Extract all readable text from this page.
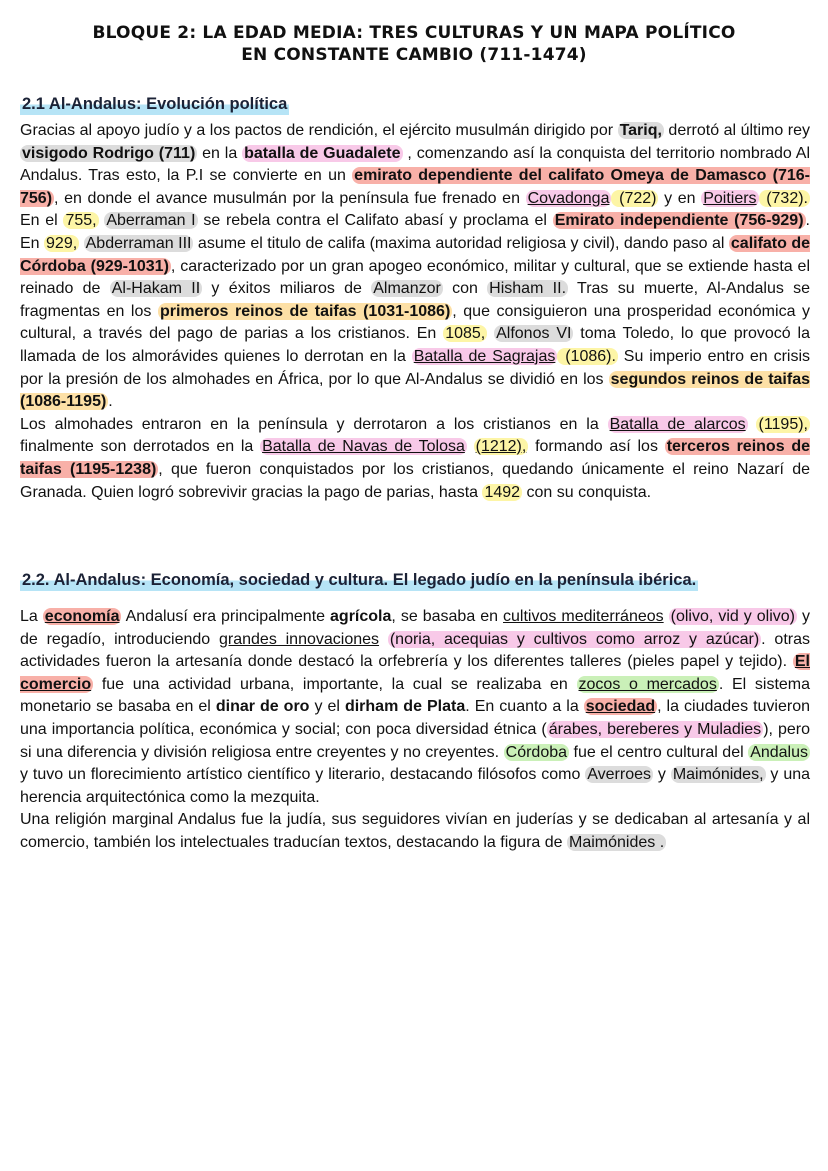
BLOQUE 2: LA EDAD MEDIA: TRES CULTURAS Y UN MAPA POLÍTICO
EN CONSTANTE CAMBIO (711-1474)
2.1 Al-Andalus: Evolución política

Gracias al apoyo judío y a los pactos de rendición, el ejército musulmán dirigido por Tariq, derrotó al último rey visigodo Rodrigo (711) en la batalla de Guadalete , comenzando así la conquista del territorio nombrado Al Andalus. Tras esto, la P.I se convierte en un emirato dependiente del califato Omeya de Damasco (716-756) , en donde el avance musulmán por la península fue frenado en Covadonga (722) y en Poitiers (732). En el 755, Aberraman I se rebela contra el Califato abasí y proclama el Emirato independiente (756-929) . En 929, Abderraman III asume el titulo de califa (maxima autoridad religiosa y civil), dando paso al califato de Córdoba (929-1031) , caracterizado por un gran apogeo económico, militar y cultural, que se extiende hasta el reinado de Al-Hakam II y éxitos miliaros de Almanzor con Hisham II. Tras su muerte, Al-Andalus se fragmentas en los primeros reinos de taifas (1031-1086) , que consiguieron una prosperidad económica y cultural, a través del pago de parias a los cristianos. En 1085, Alfonos VI toma Toledo, lo que provocó la llamada de los almorávides quienes lo derrotan en la Batalla de Sagrajas (1086). Su imperio entro en crisis por la presión de los almohades en África, por lo que Al-Andalus se dividió en los segundos reinos de taifas (1086-1195) .

Los almohades entraron en la península y derrotaron a los cristianos en la Batalla de alarcos (1195), finalmente son derrotados en la Batalla de Navas de Tolosa (1212), formando así los terceros reinos de taifas (1195-1238) , que fueron conquistados por los cristianos, quedando únicamente el reino Nazarí de Granada. Quien logró sobrevivir gracias la pago de parias, hasta 1492 con su conquista.

2.2. Al-Andalus: Economía, sociedad y cultura. El legado judío en la península ibérica.

La economía Andalusí era principalmente agrícola, se basaba en cultivos mediterráneos (olivo, vid y olivo) y de regadío, introduciendo grandes innovaciones (noria, acequias y cultivos como arroz y azúcar) . otras actividades fueron la artesanía donde destacó la orfebrería y los diferentes talleres (pieles papel y tejido). El comercio fue una actividad urbana, importante, la cual se realizaba en zocos o mercados . El sistema monetario se basaba en el dinar de oro y el dirham de Plata. En cuanto a la sociedad , la ciudades tuvieron una importancia política, económica y social; con poca diversidad étnica ( árabes, bereberes y Muladies ), pero si una diferencia y división religiosa entre creyentes y no creyentes. Córdoba fue el centro cultural del Andalus y tuvo un florecimiento artístico científico y literario, destacando filósofos como Averroes y Maimónides, y una herencia arquitectónica como la mezquita.

Una religión marginal Andalus fue la judía, sus seguidores vivían en juderías y se dedicaban al artesanía y al comercio, también los intelectuales traducían textos, destacando la figura de Maimónides .
